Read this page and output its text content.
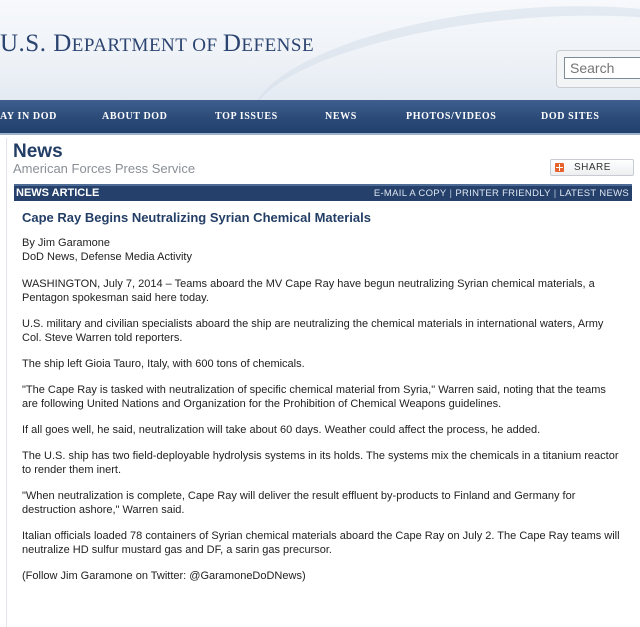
U.S. DEPARTMENT OF DEFENSE
Search
AY IN DOD	ABOUT DOD	TOP ISSUES	NEWS	PHOTOS/VIDEOS	DOD SITES
News
American Forces Press Service	SHARE
NEWS ARTICLE	E-MAIL A COPY | PRINTER FRIENDLY | LATEST NEWS
Cape Ray Begins Neutralizing Syrian Chemical Materials
By Jim Garamone
DoD News, Defense Media Activity

WASHINGTON, July 7, 2014 – Teams aboard the MV Cape Ray have begun neutralizing Syrian chemical materials, a Pentagon spokesman said here today.

U.S. military and civilian specialists aboard the ship are neutralizing the chemical materials in international waters, Army Col. Steve Warren told reporters.

The ship left Gioia Tauro, Italy, with 600 tons of chemicals.

"The Cape Ray is tasked with neutralization of specific chemical material from Syria," Warren said, noting that the teams are following United Nations and Organization for the Prohibition of Chemical Weapons guidelines.

If all goes well, he said, neutralization will take about 60 days. Weather could affect the process, he added.

The U.S. ship has two field-deployable hydrolysis systems in its holds. The systems mix the chemicals in a titanium reactor to render them inert.

"When neutralization is complete, Cape Ray will deliver the result effluent by-products to Finland and Germany for destruction ashore," Warren said.

Italian officials loaded 78 containers of Syrian chemical materials aboard the Cape Ray on July 2. The Cape Ray teams will neutralize HD sulfur mustard gas and DF, a sarin gas precursor.

(Follow Jim Garamone on Twitter: @GaramoneDoDNews)
